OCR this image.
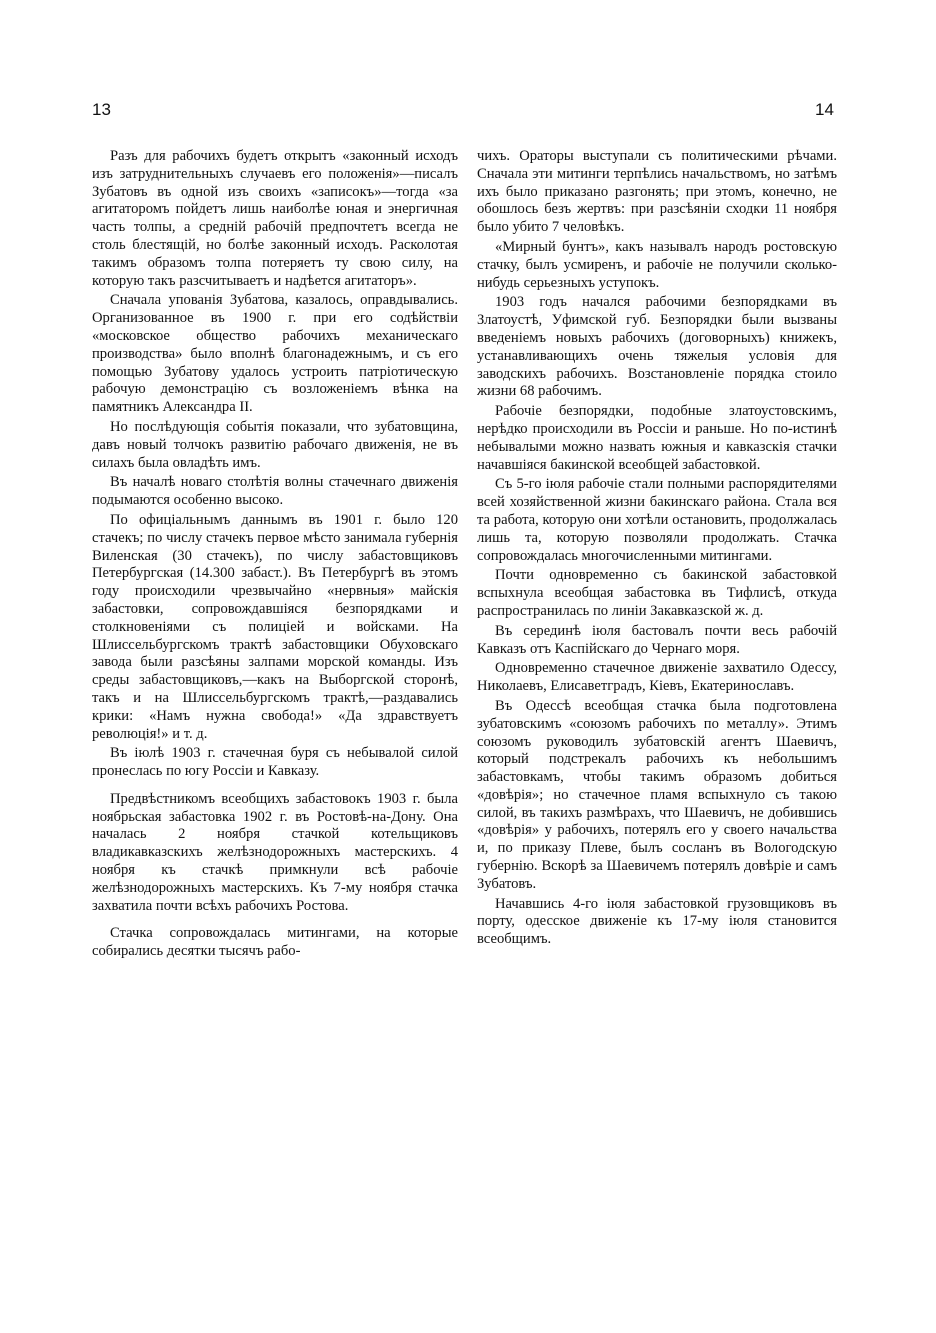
13	14

Разъ для рабочихъ будетъ открытъ «законный исходъ изъ затруднительныхъ случаевъ его положенія»—писалъ Зубатовъ въ одной изъ своихъ «записокъ»—тогда «за агитаторомъ пойдетъ лишь наиболѣе юная и энергичная часть толпы, а средній рабочій предпочтетъ всегда не столь блестящій, но болѣе законный исходъ. Расколотая такимъ образомъ толпа потеряетъ ту свою силу, на которую такъ разсчитываетъ и надѣется агитаторъ».

Сначала упованія Зубатова, казалось, оправдывались. Организованное въ 1900 г. при его содѣйствіи «московское общество рабочихъ механическаго производства» было вполнѣ благонадежнымъ, и съ его помощью Зубатову удалось устроить патріотическую рабочую демонстрацію съ возложеніемъ вѣнка на памятникъ Александра II.

Но послѣдующія событія показали, что зубатовщина, давъ новый толчокъ развитію рабочаго движенія, не въ силахъ была овладѣть имъ.

Въ началѣ новаго столѣтія волны стачечнаго движенія подымаются особенно высоко.

По офиціальнымъ даннымъ въ 1901 г. было 120 стачекъ; по числу стачекъ первое мѣсто занимала губернія Виленская (30 стачекъ), по числу забастовщиковъ Петербургская (14.300 забаст.). Въ Петербургѣ въ этомъ году происходили чрезвычайно «нервныя» майскія забастовки, сопровождавшіяся безпорядками и столкновеніями съ полиціей и войсками. На Шлиссельбургскомъ трактѣ забастовщики Обуховскаго завода были разсѣяны залпами морской команды. Изъ среды забастовщиковъ,—какъ на Выборгской сторонѣ, такъ и на Шлиссельбургскомъ трактѣ,—раздавались крики: «Намъ нужна свобода!» «Да здравствуетъ революція!» и т. д.

Въ іюлѣ 1903 г. стачечная буря съ небывалой силой пронеслась по югу Россіи и Кавказу.

Предвѣстникомъ всеобщихъ забастовокъ 1903 г. была ноябрьская забастовка 1902 г. въ Ростовѣ-на-Дону. Она началась 2 ноября стачкой котельщиковъ владикавказскихъ желѣзнодорожныхъ мастерскихъ. 4 ноября къ стачкѣ примкнули всѣ рабочіе желѣзнодорожныхъ мастерскихъ. Къ 7-му ноября стачка захватила почти всѣхъ рабочихъ Ростова.

Стачка сопровождалась митингами, на которые собирались десятки тысячъ рабо-

чихъ. Ораторы выступали съ политическими рѣчами. Сначала эти митинги терпѣлись начальствомъ, но затѣмъ ихъ было приказано разгонять; при этомъ, конечно, не обошлось безъ жертвъ: при разсѣяніи сходки 11 ноября было убито 7 человѣкъ.

«Мирный бунтъ», какъ называлъ народъ ростовскую стачку, былъ усмиренъ, и рабочіе не получили сколько-нибудь серьезныхъ уступокъ.

1903 годъ начался рабочими безпорядками въ Златоустѣ, Уфимской губ. Безпорядки были вызваны введеніемъ новыхъ рабочихъ (договорныхъ) книжекъ, устанавливающихъ очень тяжелыя условія для заводскихъ рабочихъ. Возстановленіе порядка стоило жизни 68 рабочимъ.

Рабочіе безпорядки, подобные златоустовскимъ, нерѣдко происходили въ Россіи и раньше. Но по-истинѣ небывалыми можно назвать южныя и кавказскія стачки начавшіяся бакинской всеобщей забастовкой.

Съ 5-го іюля рабочіе стали полными распорядителями всей хозяйственной жизни бакинскаго района. Стала вся та работа, которую они хотѣли остановить, продолжалась лишь та, которую позволяли продолжать. Стачка сопровождалась многочисленными митингами.

Почти одновременно съ бакинской забастовкой вспыхнула всеобщая забастовка въ Тифлисѣ, откуда распространилась по линіи Закавказской ж. д.

Въ серединѣ іюля бастовалъ почти весь рабочій Кавказъ отъ Каспійскаго до Чернаго моря.

Одновременно стачечное движеніе захватило Одессу, Николаевъ, Елисаветградъ, Кіевъ, Екатеринославъ.

Въ Одессѣ всеобщая стачка была подготовлена зубатовскимъ «союзомъ рабочихъ по металлу». Этимъ союзомъ руководилъ зубатовскій агентъ Шаевичъ, который подстрекалъ рабочихъ къ небольшимъ забастовкамъ, чтобы такимъ образомъ добиться «довѣрія»; но стачечное пламя вспыхнуло съ такою силой, въ такихъ размѣрахъ, что Шаевичъ, не добившись «довѣрія» у рабочихъ, потерялъ его у своего начальства и, по приказу Плеве, былъ сосланъ въ Вологодскую губернію. Вскорѣ за Шаевичемъ потерялъ довѣріе и самъ Зубатовъ.

Начавшись 4-го іюля забастовкой грузовщиковъ въ порту, одесское движеніе къ 17-му іюля становится всеобщимъ.
